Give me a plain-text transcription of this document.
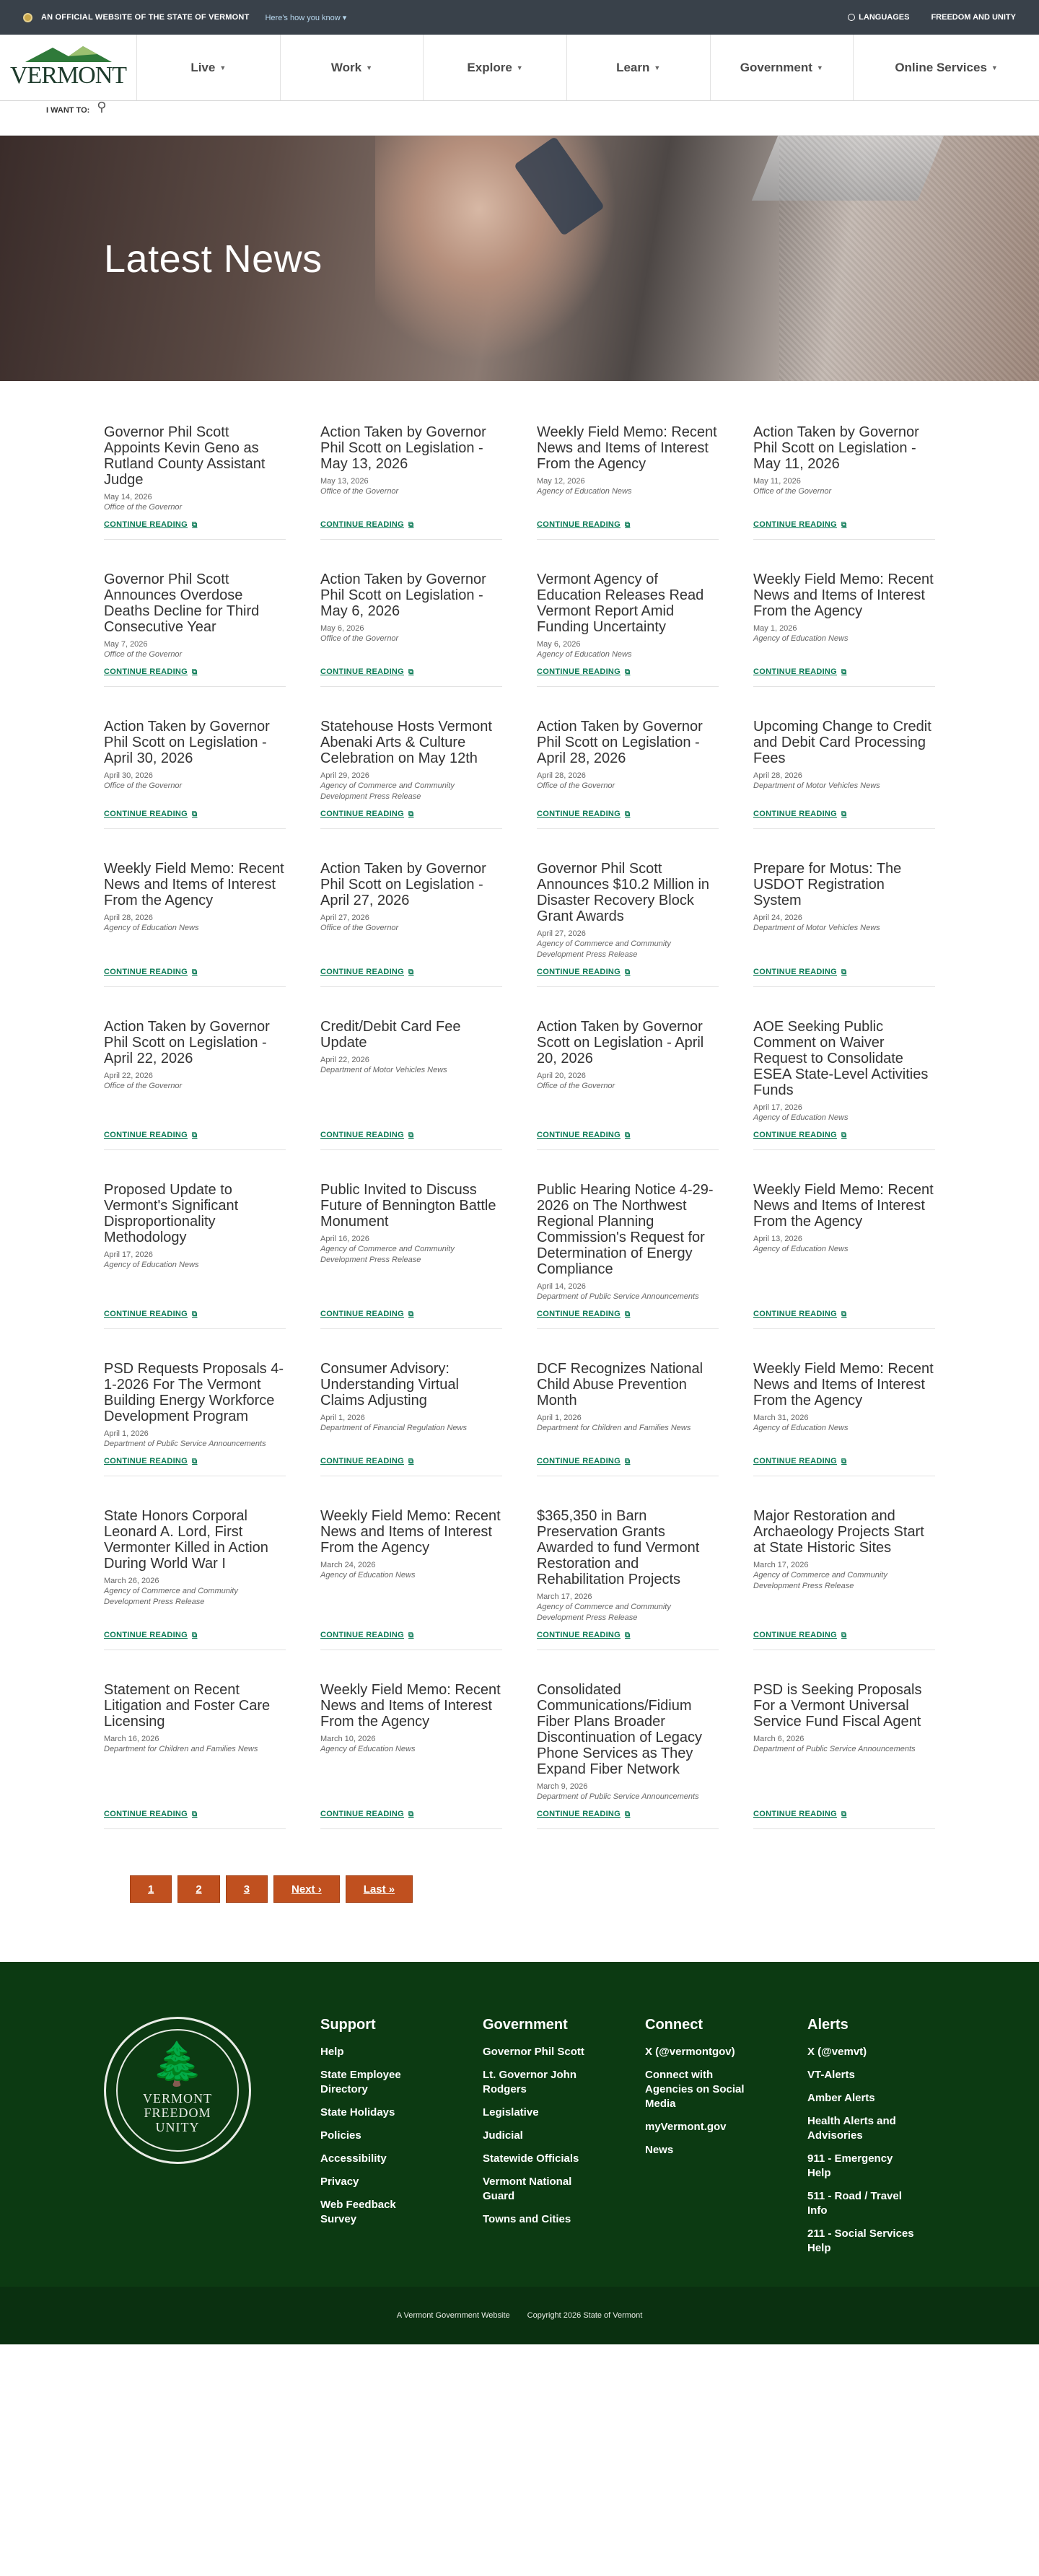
AN OFFICIAL WEBSITE OF THE STATE OF VERMONT Here's how you know ▾	LANGUAGES	FREEDOM AND UNITY
VERMONT	Live ▼	Work ▼	Explore ▼	Learn ▼	Government ▼	Online Services ▼
I WANT TO: ⚲
Latest News
Governor Phil Scott Appoints Kevin Geno as Rutland County Assistant Judge
May 14, 2026
Office of the Governor
CONTINUE READING ⧉
Action Taken by Governor Phil Scott on Legislation - May 13, 2026
May 13, 2026
Office of the Governor
CONTINUE READING ⧉
Weekly Field Memo: Recent News and Items of Interest From the Agency
May 12, 2026
Agency of Education News
CONTINUE READING ⧉
Action Taken by Governor Phil Scott on Legislation - May 11, 2026
May 11, 2026
Office of the Governor
CONTINUE READING ⧉
Governor Phil Scott Announces Overdose Deaths Decline for Third Consecutive Year
May 7, 2026
Office of the Governor
CONTINUE READING ⧉
Action Taken by Governor Phil Scott on Legislation - May 6, 2026
May 6, 2026
Office of the Governor
CONTINUE READING ⧉
Vermont Agency of Education Releases Read Vermont Report Amid Funding Uncertainty
May 6, 2026
Agency of Education News
CONTINUE READING ⧉
Weekly Field Memo: Recent News and Items of Interest From the Agency
May 1, 2026
Agency of Education News
CONTINUE READING ⧉
Action Taken by Governor Phil Scott on Legislation - April 30, 2026
April 30, 2026
Office of the Governor
CONTINUE READING ⧉
Statehouse Hosts Vermont Abenaki Arts & Culture Celebration on May 12th
April 29, 2026
Agency of Commerce and Community Development Press Release
CONTINUE READING ⧉
Action Taken by Governor Phil Scott on Legislation - April 28, 2026
April 28, 2026
Office of the Governor
CONTINUE READING ⧉
Upcoming Change to Credit and Debit Card Processing Fees
April 28, 2026
Department of Motor Vehicles News
CONTINUE READING ⧉
Weekly Field Memo: Recent News and Items of Interest From the Agency
April 28, 2026
Agency of Education News
CONTINUE READING ⧉
Action Taken by Governor Phil Scott on Legislation - April 27, 2026
April 27, 2026
Office of the Governor
CONTINUE READING ⧉
Governor Phil Scott Announces $10.2 Million in Disaster Recovery Block Grant Awards
April 27, 2026
Agency of Commerce and Community Development Press Release
CONTINUE READING ⧉
Prepare for Motus: The USDOT Registration System
April 24, 2026
Department of Motor Vehicles News
CONTINUE READING ⧉
Action Taken by Governor Phil Scott on Legislation - April 22, 2026
April 22, 2026
Office of the Governor
CONTINUE READING ⧉
Credit/Debit Card Fee Update
April 22, 2026
Department of Motor Vehicles News
CONTINUE READING ⧉
Action Taken by Governor Scott on Legislation - April 20, 2026
April 20, 2026
Office of the Governor
CONTINUE READING ⧉
AOE Seeking Public Comment on Waiver Request to Consolidate ESEA State-Level Activities Funds
April 17, 2026
Agency of Education News
CONTINUE READING ⧉
Proposed Update to Vermont's Significant Disproportionality Methodology
April 17, 2026
Agency of Education News
CONTINUE READING ⧉
Public Invited to Discuss Future of Bennington Battle Monument
April 16, 2026
Agency of Commerce and Community Development Press Release
CONTINUE READING ⧉
Public Hearing Notice 4-29-2026 on The Northwest Regional Planning Commission's Request for Determination of Energy Compliance
April 14, 2026
Department of Public Service Announcements
CONTINUE READING ⧉
Weekly Field Memo: Recent News and Items of Interest From the Agency
April 13, 2026
Agency of Education News
CONTINUE READING ⧉
PSD Requests Proposals 4-1-2026 For The Vermont Building Energy Workforce Development Program
April 1, 2026
Department of Public Service Announcements
CONTINUE READING ⧉
Consumer Advisory: Understanding Virtual Claims Adjusting
April 1, 2026
Department of Financial Regulation News
CONTINUE READING ⧉
DCF Recognizes National Child Abuse Prevention Month
April 1, 2026
Department for Children and Families News
CONTINUE READING ⧉
Weekly Field Memo: Recent News and Items of Interest From the Agency
March 31, 2026
Agency of Education News
CONTINUE READING ⧉
State Honors Corporal Leonard A. Lord, First Vermonter Killed in Action During World War I
March 26, 2026
Agency of Commerce and Community Development Press Release
CONTINUE READING ⧉
Weekly Field Memo: Recent News and Items of Interest From the Agency
March 24, 2026
Agency of Education News
CONTINUE READING ⧉
$365,350 in Barn Preservation Grants Awarded to fund Vermont Restoration and Rehabilitation Projects
March 17, 2026
Agency of Commerce and Community Development Press Release
CONTINUE READING ⧉
Major Restoration and Archaeology Projects Start at State Historic Sites
March 17, 2026
Agency of Commerce and Community Development Press Release
CONTINUE READING ⧉
Statement on Recent Litigation and Foster Care Licensing
March 16, 2026
Department for Children and Families News
CONTINUE READING ⧉
Weekly Field Memo: Recent News and Items of Interest From the Agency
March 10, 2026
Agency of Education News
CONTINUE READING ⧉
Consolidated Communications/Fidium Fiber Plans Broader Discontinuation of Legacy Phone Services as They Expand Fiber Network
March 9, 2026
Department of Public Service Announcements
CONTINUE READING ⧉
PSD is Seeking Proposals For a Vermont Universal Service Fund Fiscal Agent
March 6, 2026
Department of Public Service Announcements
CONTINUE READING ⧉
1	2	3	Next ›	Last »
🌲
VERMONT
FREEDOM
UNITY
Support
Help
State Employee Directory
State Holidays
Policies
Accessibility
Privacy
Web Feedback Survey
Government
Governor Phil Scott
Lt. Governor John Rodgers
Legislative
Judicial
Statewide Officials
Vermont National Guard
Towns and Cities
Connect
X (@vermontgov)
Connect with Agencies on Social Media
myVermont.gov
News
Alerts
X (@vemvt)
VT-Alerts
Amber Alerts
Health Alerts and Advisories
911 - Emergency Help
511 - Road / Travel Info
211 - Social Services Help
A Vermont Government Website Copyright 2026 State of Vermont
